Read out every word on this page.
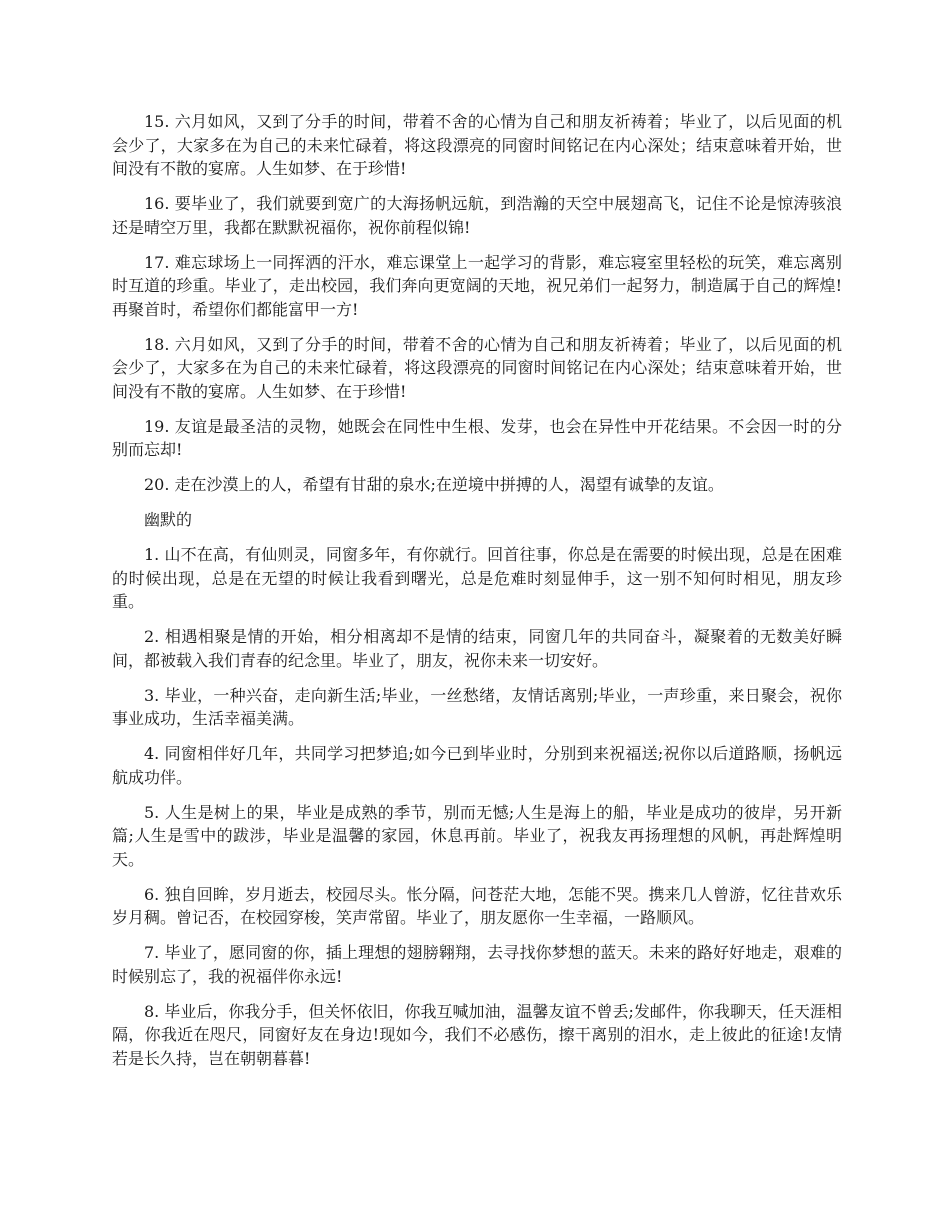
15. 六月如风，又到了分手的时间，带着不舍的心情为自己和朋友祈祷着；毕业了，以后见面的机会少了，大家多在为自己的未来忙碌着，将这段漂亮的同窗时间铭记在内心深处；结束意味着开始，世间没有不散的宴席。人生如梦、在于珍惜!

16. 要毕业了，我们就要到宽广的大海扬帆远航，到浩瀚的天空中展翅高飞，记住不论是惊涛骇浪还是晴空万里，我都在默默祝福你，祝你前程似锦!

17. 难忘球场上一同挥洒的汗水，难忘课堂上一起学习的背影，难忘寝室里轻松的玩笑，难忘离别时互道的珍重。毕业了，走出校园，我们奔向更宽阔的天地，祝兄弟们一起努力，制造属于自己的辉煌!再聚首时，希望你们都能富甲一方!

18. 六月如风，又到了分手的时间，带着不舍的心情为自己和朋友祈祷着；毕业了，以后见面的机会少了，大家多在为自己的未来忙碌着，将这段漂亮的同窗时间铭记在内心深处；结束意味着开始，世间没有不散的宴席。人生如梦、在于珍惜!

19. 友谊是最圣洁的灵物，她既会在同性中生根、发芽，也会在异性中开花结果。不会因一时的分别而忘却!

20. 走在沙漠上的人，希望有甘甜的泉水;在逆境中拼搏的人，渴望有诚挚的友谊。

幽默的

1. 山不在高，有仙则灵，同窗多年，有你就行。回首往事，你总是在需要的时候出现，总是在困难的时候出现，总是在无望的时候让我看到曙光，总是危难时刻显伸手，这一别不知何时相见，朋友珍重。

2. 相遇相聚是情的开始，相分相离却不是情的结束，同窗几年的共同奋斗，凝聚着的无数美好瞬间，都被载入我们青春的纪念里。毕业了，朋友，祝你未来一切安好。

3. 毕业，一种兴奋，走向新生活;毕业，一丝愁绪，友情话离别;毕业，一声珍重，来日聚会，祝你事业成功，生活幸福美满。

4. 同窗相伴好几年，共同学习把梦追;如今已到毕业时，分别到来祝福送;祝你以后道路顺，扬帆远航成功伴。

5. 人生是树上的果，毕业是成熟的季节，别而无憾;人生是海上的船，毕业是成功的彼岸，另开新篇;人生是雪中的跋涉，毕业是温馨的家园，休息再前。毕业了，祝我友再扬理想的风帆，再赴辉煌明天。

6. 独自回眸，岁月逝去，校园尽头。怅分隔，问苍茫大地，怎能不哭。携来几人曾游，忆往昔欢乐岁月稠。曾记否，在校园穿梭，笑声常留。毕业了，朋友愿你一生幸福，一路顺风。

7. 毕业了，愿同窗的你，插上理想的翅膀翱翔，去寻找你梦想的蓝天。未来的路好好地走，艰难的时候别忘了，我的祝福伴你永远!

8. 毕业后，你我分手，但关怀依旧，你我互喊加油，温馨友谊不曾丢;发邮件，你我聊天，任天涯相隔，你我近在咫尺，同窗好友在身边!现如今，我们不必感伤，擦干离别的泪水，走上彼此的征途!友情若是长久持，岂在朝朝暮暮!
